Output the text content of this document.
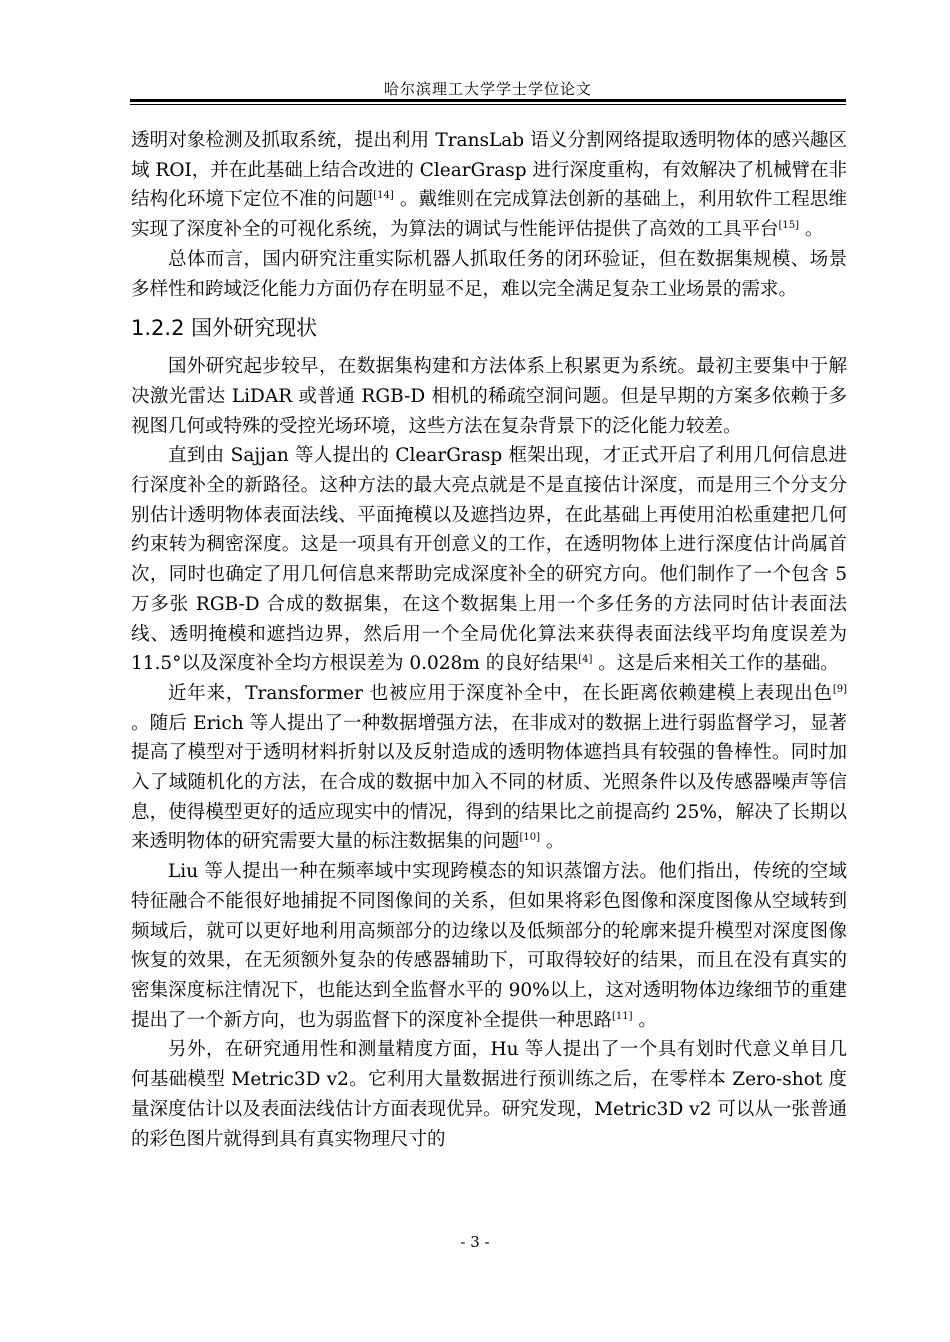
哈尔滨理工大学学士学位论文

透明对象检测及抓取系统，提出利用 TransLab 语义分割网络提取透明物体的感兴趣区域 ROI，并在此基础上结合改进的 ClearGrasp 进行深度重构，有效解决了机械臂在非结构化环境下定位不准的问题[14] 。戴维则在完成算法创新的基础上，利用软件工程思维实现了深度补全的可视化系统，为算法的调试与性能评估提供了高效的工具平台[15] 。

总体而言，国内研究注重实际机器人抓取任务的闭环验证，但在数据集规模、场景多样性和跨域泛化能力方面仍存在明显不足，难以完全满足复杂工业场景的需求。

1.2.2 国外研究现状

国外研究起步较早，在数据集构建和方法体系上积累更为系统。最初主要集中于解决激光雷达 LiDAR 或普通 RGB-D 相机的稀疏空洞问题。但是早期的方案多依赖于多视图几何或特殊的受控光场环境，这些方法在复杂背景下的泛化能力较差。

直到由 Sajjan 等人提出的 ClearGrasp 框架出现，才正式开启了利用几何信息进行深度补全的新路径。这种方法的最大亮点就是不是直接估计深度，而是用三个分支分别估计透明物体表面法线、平面掩模以及遮挡边界，在此基础上再使用泊松重建把几何约束转为稠密深度。这是一项具有开创意义的工作，在透明物体上进行深度估计尚属首次，同时也确定了用几何信息来帮助完成深度补全的研究方向。他们制作了一个包含 5 万多张 RGB-D 合成的数据集，在这个数据集上用一个多任务的方法同时估计表面法线、透明掩模和遮挡边界，然后用一个全局优化算法来获得表面法线平均角度误差为 11.5°以及深度补全均方根误差为 0.028m 的良好结果[4] 。这是后来相关工作的基础。

近年来，Transformer 也被应用于深度补全中，在长距离依赖建模上表现出色[9] 。随后 Erich 等人提出了一种数据增强方法，在非成对的数据上进行弱监督学习，显著提高了模型对于透明材料折射以及反射造成的透明物体遮挡具有较强的鲁棒性。同时加入了域随机化的方法，在合成的数据中加入不同的材质、光照条件以及传感器噪声等信息，使得模型更好的适应现实中的情况，得到的结果比之前提高约 25%，解决了长期以来透明物体的研究需要大量的标注数据集的问题[10] 。

Liu 等人提出一种在频率域中实现跨模态的知识蒸馏方法。他们指出，传统的空域特征融合不能很好地捕捉不同图像间的关系，但如果将彩色图像和深度图像从空域转到频域后，就可以更好地利用高频部分的边缘以及低频部分的轮廓来提升模型对深度图像恢复的效果，在无须额外复杂的传感器辅助下，可取得较好的结果，而且在没有真实的密集深度标注情况下，也能达到全监督水平的 90%以上，这对透明物体边缘细节的重建提出了一个新方向，也为弱监督下的深度补全提供一种思路[11] 。

另外，在研究通用性和测量精度方面，Hu 等人提出了一个具有划时代意义单目几何基础模型 Metric3D v2。它利用大量数据进行预训练之后，在零样本 Zero-shot 度量深度估计以及表面法线估计方面表现优异。研究发现，Metric3D v2 可以从一张普通的彩色图片就得到具有真实物理尺寸的

- 3 -
